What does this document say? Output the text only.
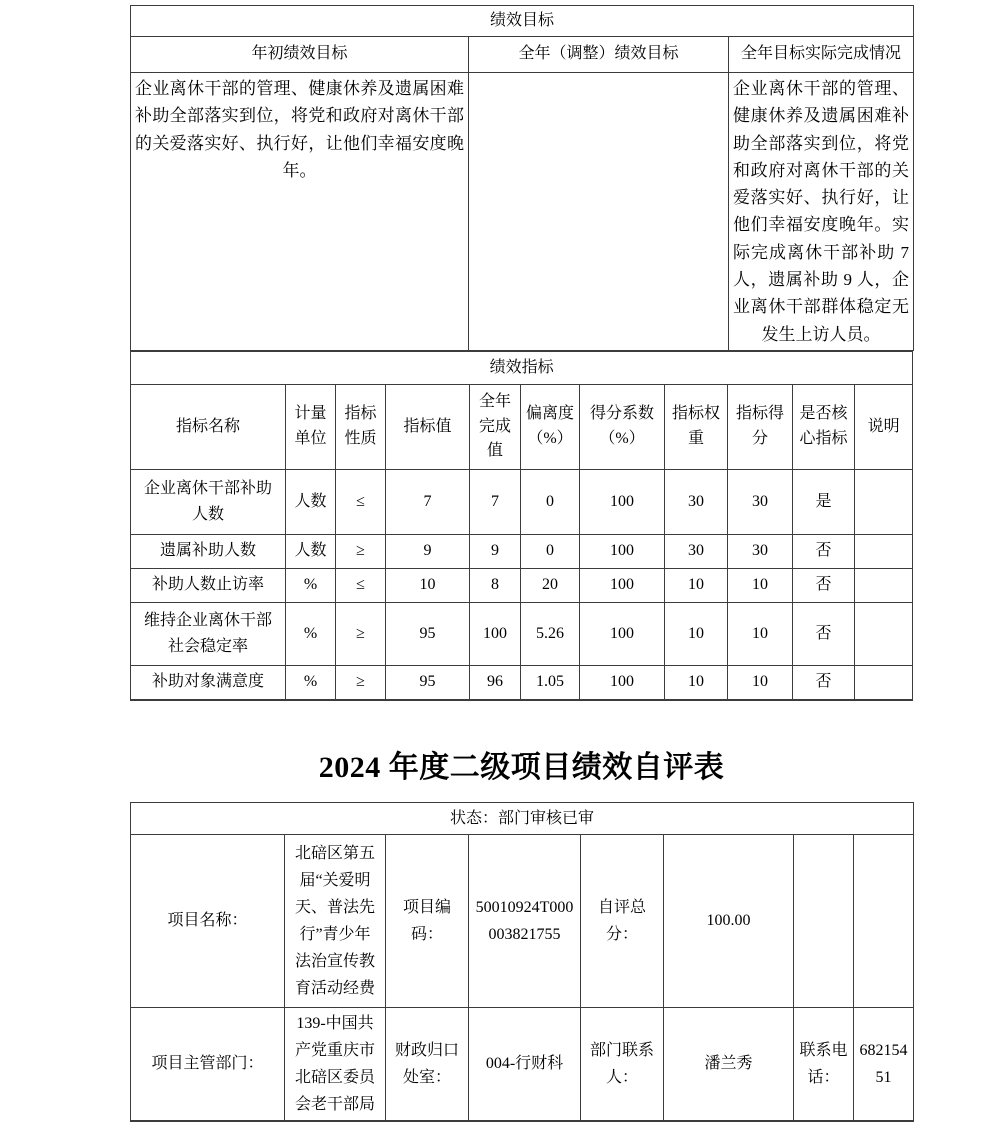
绩效目标		
年初绩效目标	全年（调整）绩效目标	全年目标实际完成情况
企业离休干部的管理、健康休养及遗属困难补助全部落实到位，将党和政府对离休干部的关爱落实好、执行好，让他们幸福安度晚年。		企业离休干部的管理、健康休养及遗属困难补助全部落实到位，将党和政府对离休干部的关爱落实好、执行好，让他们幸福安度晚年。实际完成离休干部补助 7 人，遗属补助 9 人，企业离休干部群体稳定无发生上访人员。
绩效指标										
指标名称	计量单位	指标性质	指标值	全年完成值	偏离度（%）	得分系数（%）	指标权重	指标得分	是否核心指标	说明
企业离休干部补助人数	人数	≤	7	7	0	100	30	30	是	
遗属补助人数	人数	≥	9	9	0	100	30	30	否	
补助人数止访率	%	≤	10	8	20	100	10	10	否	
维持企业离休干部社会稳定率	%	≥	95	100	5.26	100	10	10	否	
补助对象满意度	%	≥	95	96	1.05	100	10	10	否	
2024 年度二级项目绩效自评表
状态：部门审核已审							
项目名称：	北碚区第五届“关爱明天、普法先行”青少年法治宣传教育活动经费	项目编码：	50010924T000003821755	自评总分：	100.00		
项目主管部门：	139-中国共产党重庆市北碚区委员会老干部局	财政归口处室：	004-行财科	部门联系人：	潘兰秀	联系电话：	68215451
